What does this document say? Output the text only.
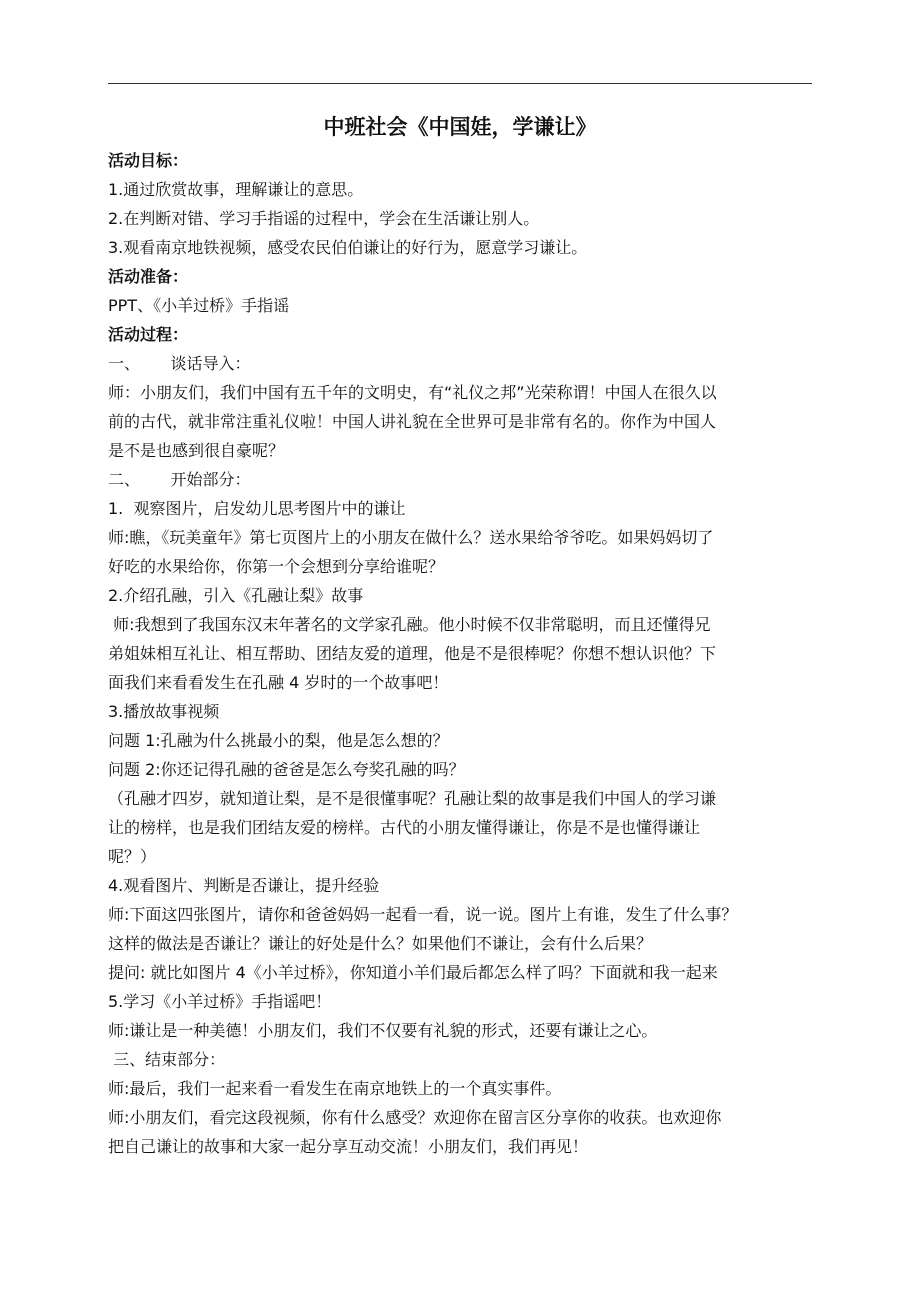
中班社会《中国娃，学谦让》
活动目标：
1.通过欣赏故事，理解谦让的意思。
2.在判断对错、学习手指谣的过程中，学会在生活谦让别人。
3.观看南京地铁视频，感受农民伯伯谦让的好行为，愿意学习谦让。
活动准备：
PPT、《小羊过桥》手指谣
活动过程：
一、      谈话导入：
师：小朋友们，我们中国有五千年的文明史，有“礼仪之邦”光荣称谓！中国人在很久以
前的古代，就非常注重礼仪啦！中国人讲礼貌在全世界可是非常有名的。你作为中国人
是不是也感到很自豪呢？
二、      开始部分：
1.  观察图片，启发幼儿思考图片中的谦让
师:瞧，《玩美童年》第七页图片上的小朋友在做什么？送水果给爷爷吃。如果妈妈切了
好吃的水果给你，你第一个会想到分享给谁呢？
2.介绍孔融，引入《孔融让梨》故事
师:我想到了我国东汉末年著名的文学家孔融。他小时候不仅非常聪明，而且还懂得兄
弟姐妹相互礼让、相互帮助、团结友爱的道理，他是不是很棒呢？你想不想认识他？下
面我们来看看发生在孔融 4 岁时的一个故事吧！
3.播放故事视频
问题 1:孔融为什么挑最小的梨，他是怎么想的？
问题 2:你还记得孔融的爸爸是怎么夸奖孔融的吗？
（孔融才四岁，就知道让梨，是不是很懂事呢？孔融让梨的故事是我们中国人的学习谦
让的榜样，也是我们团结友爱的榜样。古代的小朋友懂得谦让，你是不是也懂得谦让
呢？）
4.观看图片、判断是否谦让，提升经验
师:下面这四张图片，请你和爸爸妈妈一起看一看，说一说。图片上有谁，发生了什么事？
这样的做法是否谦让？谦让的好处是什么？如果他们不谦让，会有什么后果？
提问: 就比如图片 4《小羊过桥》，你知道小羊们最后都怎么样了吗？下面就和我一起来
5.学习《小羊过桥》手指谣吧！
师:谦让是一种美德！小朋友们，我们不仅要有礼貌的形式，还要有谦让之心。
三、结束部分：
师:最后，我们一起来看一看发生在南京地铁上的一个真实事件。
师:小朋友们，看完这段视频，你有什么感受？欢迎你在留言区分享你的收获。也欢迎你
把自己谦让的故事和大家一起分享互动交流！小朋友们，我们再见！
